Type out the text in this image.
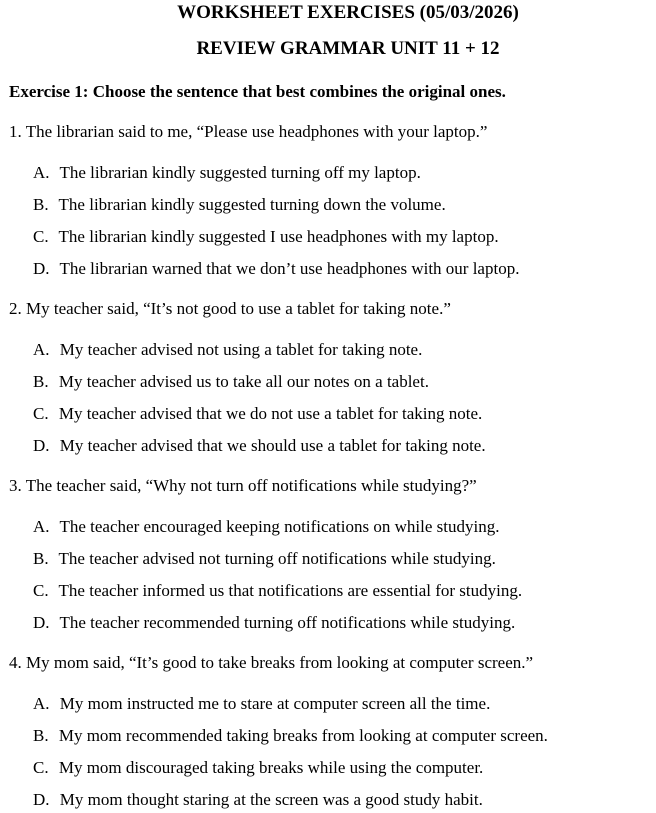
WORKSHEET EXERCISES (05/03/2026)
REVIEW GRAMMAR UNIT 11 + 12
Exercise 1: Choose the sentence that best combines the original ones.
1. The librarian said to me, “Please use headphones with your laptop.”
A. The librarian kindly suggested turning off my laptop.
B. The librarian kindly suggested turning down the volume.
C. The librarian kindly suggested I use headphones with my laptop.
D. The librarian warned that we don’t use headphones with our laptop.
2. My teacher said, “It’s not good to use a tablet for taking note.”
A. My teacher advised not using a tablet for taking note.
B. My teacher advised us to take all our notes on a tablet.
C. My teacher advised that we do not use a tablet for taking note.
D. My teacher advised that we should use a tablet for taking note.
3. The teacher said, “Why not turn off notifications while studying?”
A. The teacher encouraged keeping notifications on while studying.
B. The teacher advised not turning off notifications while studying.
C. The teacher informed us that notifications are essential for studying.
D. The teacher recommended turning off notifications while studying.
4. My mom said, “It’s good to take breaks from looking at computer screen.”
A. My mom instructed me to stare at computer screen all the time.
B. My mom recommended taking breaks from looking at computer screen.
C. My mom discouraged taking breaks while using the computer.
D. My mom thought staring at the screen was a good study habit.
